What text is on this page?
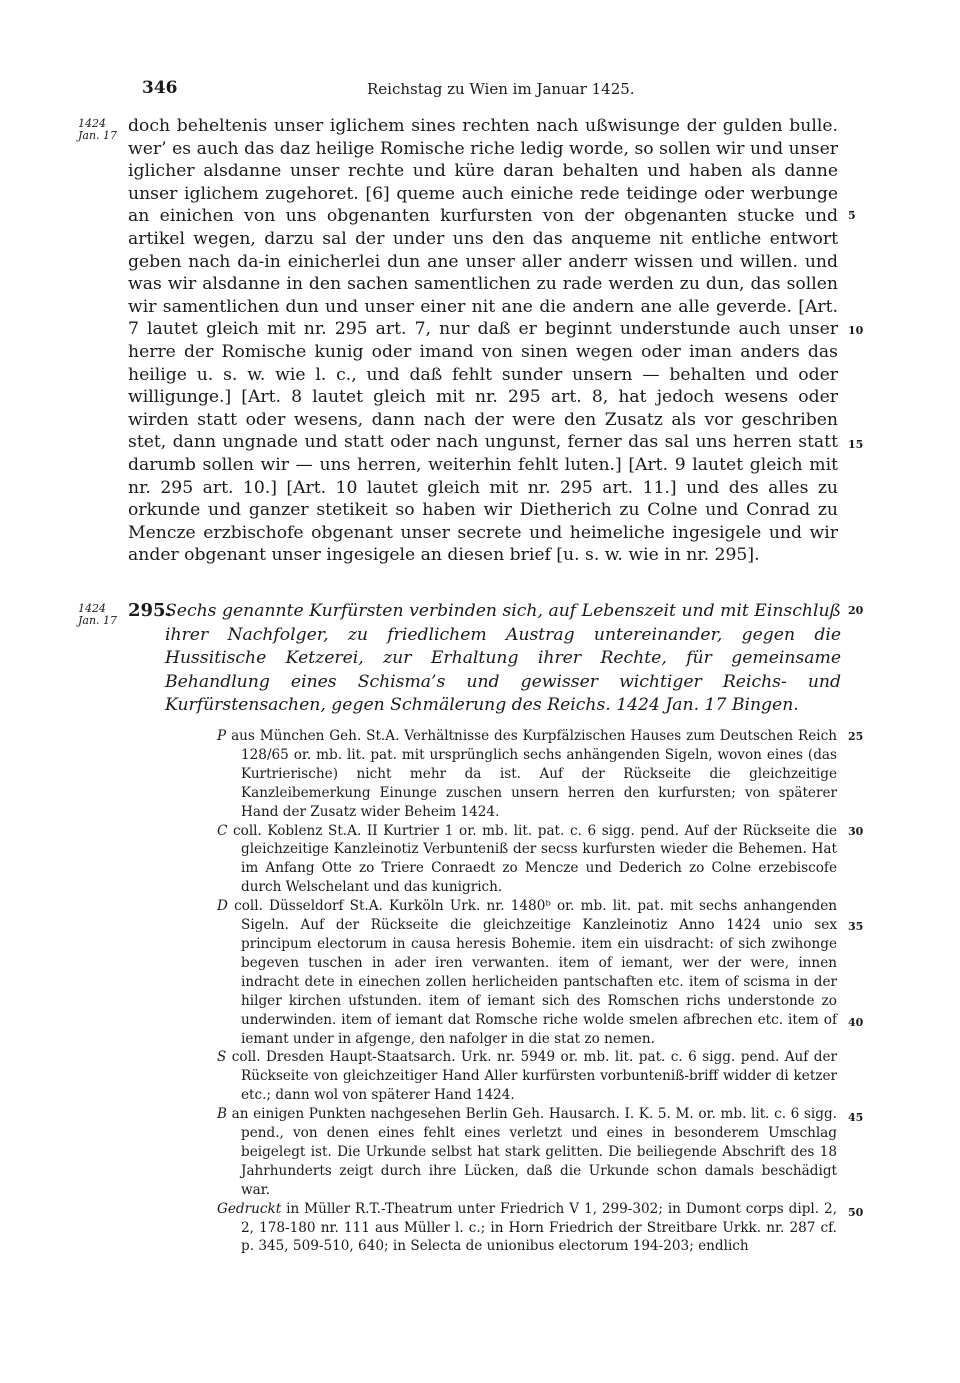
346	Reichstag zu Wien im Januar 1425.
1424
Jan. 17
1424
Jan. 17
5
10
15
20
25
30
35
40
45
50

doch beheltenis unser iglichem sines rechten nach ußwisunge der gulden bulle. wer’ es auch das daz heilige Romische riche ledig worde, so sollen wir und unser iglicher alsdanne unser rechte und küre daran behalten und haben als danne unser iglichem zugehoret. [6] queme auch einiche rede teidinge oder werbunge an einichen von uns obgenanten kurfursten von der obgenanten stucke und artikel wegen, darzu sal der under uns den das anqueme nit entliche entwort geben nach da-in einicherlei dun ane unser aller anderr wissen und willen. und was wir alsdanne in den sachen samentlichen zu rade werden zu dun, das sollen wir samentlichen dun und unser einer nit ane die andern ane alle geverde. [Art. 7 lautet gleich mit nr. 295 art. 7, nur daß er beginnt understunde auch unser herre der Romische kunig oder imand von sinen wegen oder iman anders das heilige u. s. w. wie l. c., und daß fehlt sunder unsern — behalten und oder willigunge.] [Art. 8 lautet gleich mit nr. 295 art. 8, hat jedoch wesens oder wirden statt oder wesens, dann nach der were den Zusatz als vor geschriben stet, dann ungnade und statt oder nach ungunst, ferner das sal uns herren statt darumb sollen wir — uns herren, weiterhin fehlt luten.] [Art. 9 lautet gleich mit nr. 295 art. 10.] [Art. 10 lautet gleich mit nr. 295 art. 11.] und des alles zu orkunde und ganzer stetikeit so haben wir Dietherich zu Colne und Conrad zu Mencze erzbischofe obgenant unser secrete und heimeliche ingesigele und wir ander obgenant unser ingesigele an diesen brief [u. s. w. wie in nr. 295].

295.
Sechs genannte Kurfürsten verbinden sich, auf Lebenszeit und mit Einschluß ihrer Nachfolger, zu friedlichem Austrag untereinander, gegen die Hussitische Ketzerei, zur Erhaltung ihrer Rechte, für gemeinsame Behandlung eines Schisma’s und gewisser wichtiger Reichs- und Kurfürstensachen, gegen Schmälerung des Reichs. 1424 Jan. 17 Bingen.

P aus München Geh. St.A. Verhältnisse des Kurpfälzischen Hauses zum Deutschen Reich 128/65 or. mb. lit. pat. mit ursprünglich sechs anhängenden Sigeln, wovon eines (das Kurtrierische) nicht mehr da ist. Auf der Rückseite die gleichzeitige Kanzleibemerkung Einunge zuschen unsern herren den kurfursten; von späterer Hand der Zusatz wider Beheim 1424.

C coll. Koblenz St.A. II Kurtrier 1 or. mb. lit. pat. c. 6 sigg. pend. Auf der Rückseite die gleichzeitige Kanzleinotiz Verbunteniß der secss kurfursten wieder die Behemen. Hat im Anfang Otte zo Triere Conraedt zo Mencze und Dederich zo Colne erzebiscofe durch Welschelant und das kunigrich.

D coll. Düsseldorf St.A. Kurköln Urk. nr. 1480ᵇ or. mb. lit. pat. mit sechs anhangenden Sigeln. Auf der Rückseite die gleichzeitige Kanzleinotiz Anno 1424 unio sex principum electorum in causa heresis Bohemie. item ein uisdracht: of sich zwihonge begeven tuschen in ader iren verwanten. item of iemant, wer der were, innen indracht dete in einechen zollen herlicheiden pantschaften etc. item of scisma in der hilger kirchen ufstunden. item of iemant sich des Romschen richs understonde zo underwinden. item of iemant dat Romsche riche wolde smelen afbrechen etc. item of iemant under in afgenge, den nafolger in die stat zo nemen.

S coll. Dresden Haupt-Staatsarch. Urk. nr. 5949 or. mb. lit. pat. c. 6 sigg. pend. Auf der Rückseite von gleichzeitiger Hand Aller kurfürsten vorbunteniß-briff widder di ketzer etc.; dann wol von späterer Hand 1424.

B an einigen Punkten nachgesehen Berlin Geh. Hausarch. I. K. 5. M. or. mb. lit. c. 6 sigg. pend., von denen eines fehlt eines verletzt und eines in besonderem Umschlag beigelegt ist. Die Urkunde selbst hat stark gelitten. Die beiliegende Abschrift des 18 Jahrhunderts zeigt durch ihre Lücken, daß die Urkunde schon damals beschädigt war.

Gedruckt in Müller R.T.-Theatrum unter Friedrich V 1, 299-302; in Dumont corps dipl. 2, 2, 178-180 nr. 111 aus Müller l. c.; in Horn Friedrich der Streitbare Urkk. nr. 287 cf. p. 345, 509-510, 640; in Selecta de unionibus electorum 194-203; endlich
